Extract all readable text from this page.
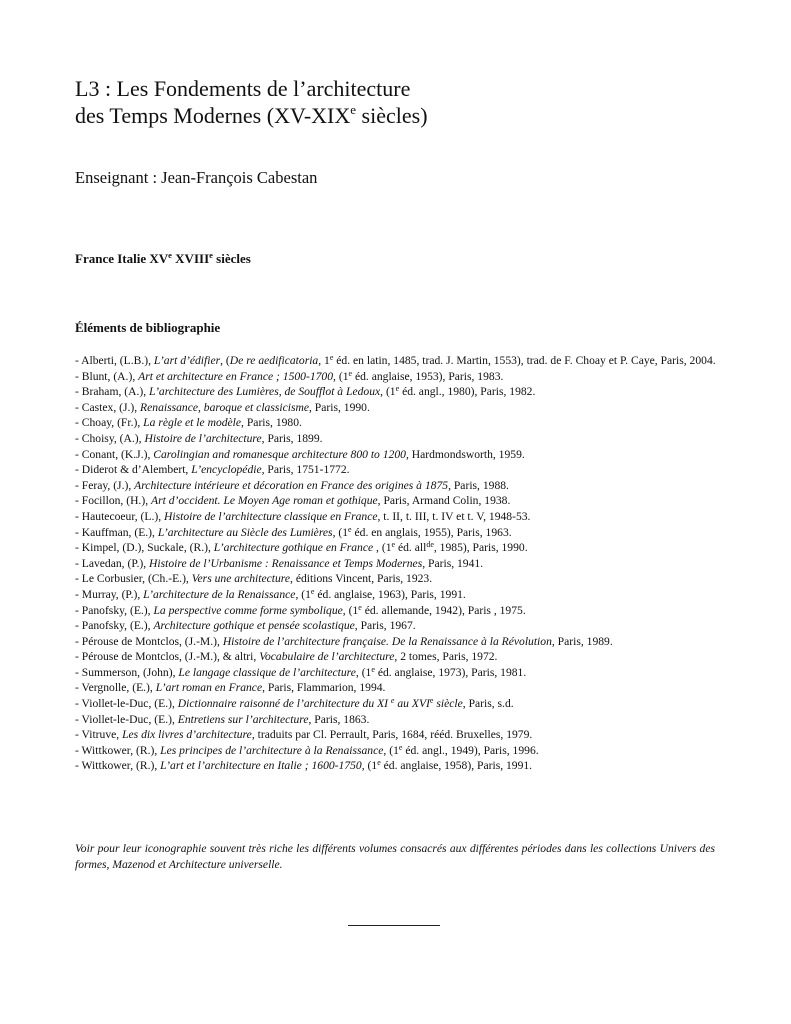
L3 : Les Fondements de l’architecture
des Temps Modernes (XV-XIXe siècles)

Enseignant : Jean-François Cabestan

France Italie XVe XVIIIe siècles
Éléments de bibliographie
- Alberti, (L.B.), L’art d’édifier, (De re aedificatoria, 1e éd. en latin, 1485, trad. J. Martin, 1553), trad. de F. Choay et P. Caye, Paris, 2004.
- Blunt, (A.), Art et architecture en France ; 1500-1700, (1e éd. anglaise, 1953), Paris, 1983.
- Braham, (A.), L’architecture des Lumières, de Soufflot à Ledoux, (1e éd. angl., 1980), Paris, 1982.
- Castex, (J.), Renaissance, baroque et classicisme, Paris, 1990.
- Choay, (Fr.), La règle et le modèle, Paris, 1980.
- Choisy, (A.), Histoire de l’architecture, Paris, 1899.
- Conant, (K.J.), Carolingian and romanesque architecture 800 to 1200, Hardmondsworth, 1959.
- Diderot & d’Alembert, L’encyclopédie, Paris, 1751-1772.
- Feray, (J.), Architecture intérieure et décoration en France des origines à 1875, Paris, 1988.
- Focillon, (H.), Art d’occident. Le Moyen Age roman et gothique, Paris, Armand Colin, 1938.
- Hautecoeur, (L.), Histoire de l’architecture classique en France, t. II, t. III, t. IV et t. V, 1948-53.
- Kauffman, (E.), L’architecture au Siècle des Lumières, (1e éd. en anglais, 1955), Paris, 1963.
- Kimpel, (D.), Suckale, (R.), L’architecture gothique en France , (1e éd. all$^{de}$, 1985), Paris, 1990.
- Lavedan, (P.), Histoire de l’Urbanisme : Renaissance et Temps Modernes, Paris, 1941.
- Le Corbusier, (Ch.-E.), Vers une architecture, éditions Vincent, Paris, 1923.
- Murray, (P.), L’architecture de la Renaissance, (1e éd. anglaise, 1963), Paris, 1991.
- Panofsky, (E.), La perspective comme forme symbolique, (1e éd. allemande, 1942), Paris , 1975.
- Panofsky, (E.), Architecture gothique et pensée scolastique, Paris, 1967.
- Pérouse de Montclos, (J.-M.), Histoire de l’architecture française. De la Renaissance à la Révolution, Paris, 1989.
- Pérouse de Montclos, (J.-M.), & altri, Vocabulaire de l’architecture, 2 tomes, Paris, 1972.
- Summerson, (John), Le langage classique de l’architecture, (1e éd. anglaise, 1973), Paris, 1981.
- Vergnolle, (E.), L’art roman en France, Paris, Flammarion, 1994.
- Viollet-le-Duc, (E.), Dictionnaire raisonné de l’architecture du XI $^e$ au XVIe siècle, Paris, s.d.
- Viollet-le-Duc, (E.), Entretiens sur l’architecture, Paris, 1863.
- Vitruve, Les dix livres d’architecture, traduits par Cl. Perrault, Paris, 1684, rééd. Bruxelles, 1979.
- Wittkower, (R.), Les principes de l’architecture à la Renaissance, (1e éd. angl., 1949), Paris, 1996.
- Wittkower, (R.), L’art et l’architecture en Italie ; 1600-1750, (1e éd. anglaise, 1958), Paris, 1991.

Voir pour leur iconographie souvent très riche les différents volumes consacrés aux différentes périodes dans les collections Univers des formes, Mazenod et Architecture universelle.
